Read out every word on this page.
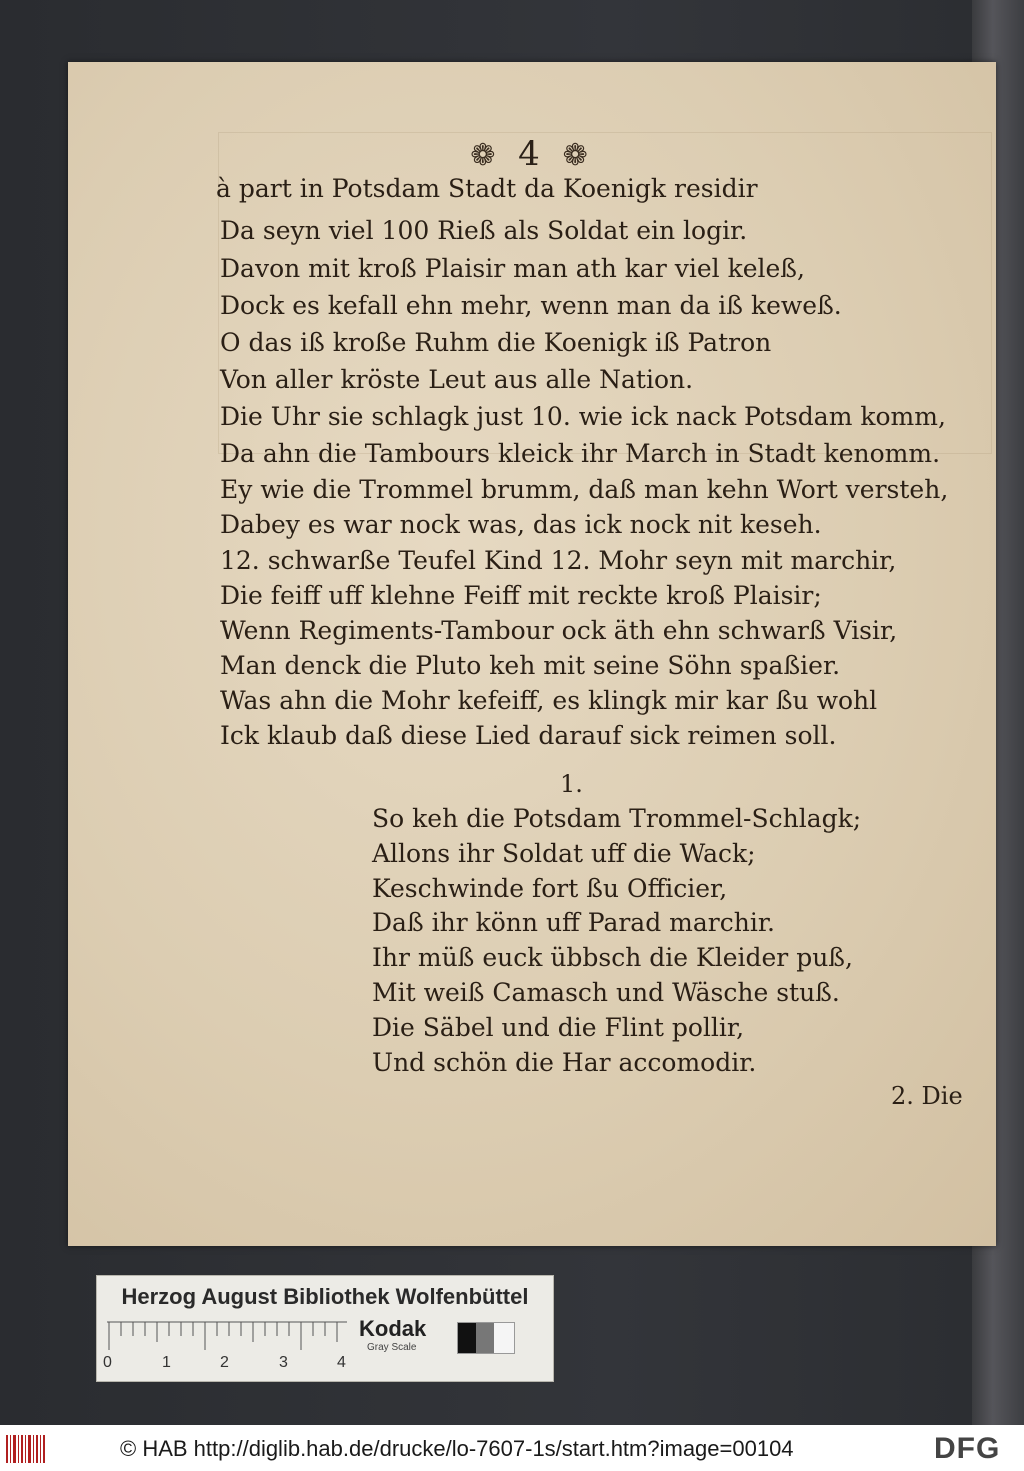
❁ 4 ❁
à part in Potsdam Stadt da Koenigk residir
Da seyn viel 100 Rieß als Soldat ein logir.
Davon mit kroß Plaisir man ath kar viel keleß,
Dock es kefall ehn mehr, wenn man da iß keweß.
O das iß kroße Ruhm die Koenigk iß Patron
Von aller kröste Leut aus alle Nation.
Die Uhr sie schlagk just 10. wie ick nack Potsdam komm,
Da ahn die Tambours kleick ihr March in Stadt kenomm.
Ey wie die Trommel brumm, daß man kehn Wort versteh,
Dabey es war nock was, das ick nock nit keseh.
12. schwarße Teufel Kind 12. Mohr seyn mit marchir,
Die feiff uff klehne Feiff mit reckte kroß Plaisir;
Wenn Regiments-Tambour ock äth ehn schwarß Visir,
Man denck die Pluto keh mit seine Söhn spaßier.
Was ahn die Mohr kefeiff, es klingk mir kar ßu wohl
Ick klaub daß diese Lied darauf sick reimen soll.
1.
So keh die Potsdam Trommel-Schlagk;
Allons ihr Soldat uff die Wack;
Keschwinde fort ßu Officier,
Daß ihr könn uff Parad marchir.
Ihr müß euck übbsch die Kleider puß,
Mit weiß Camasch und Wäsche stuß.
Die Säbel und die Flint pollir,
Und schön die Har accomodir.
2. Die
Herzog August Bibliothek Wolfenbüttel
0	1	2	3	4
Kodak
Gray Scale
© HAB http://diglib.hab.de/drucke/lo-7607-1s/start.htm?image=00104	DFG
